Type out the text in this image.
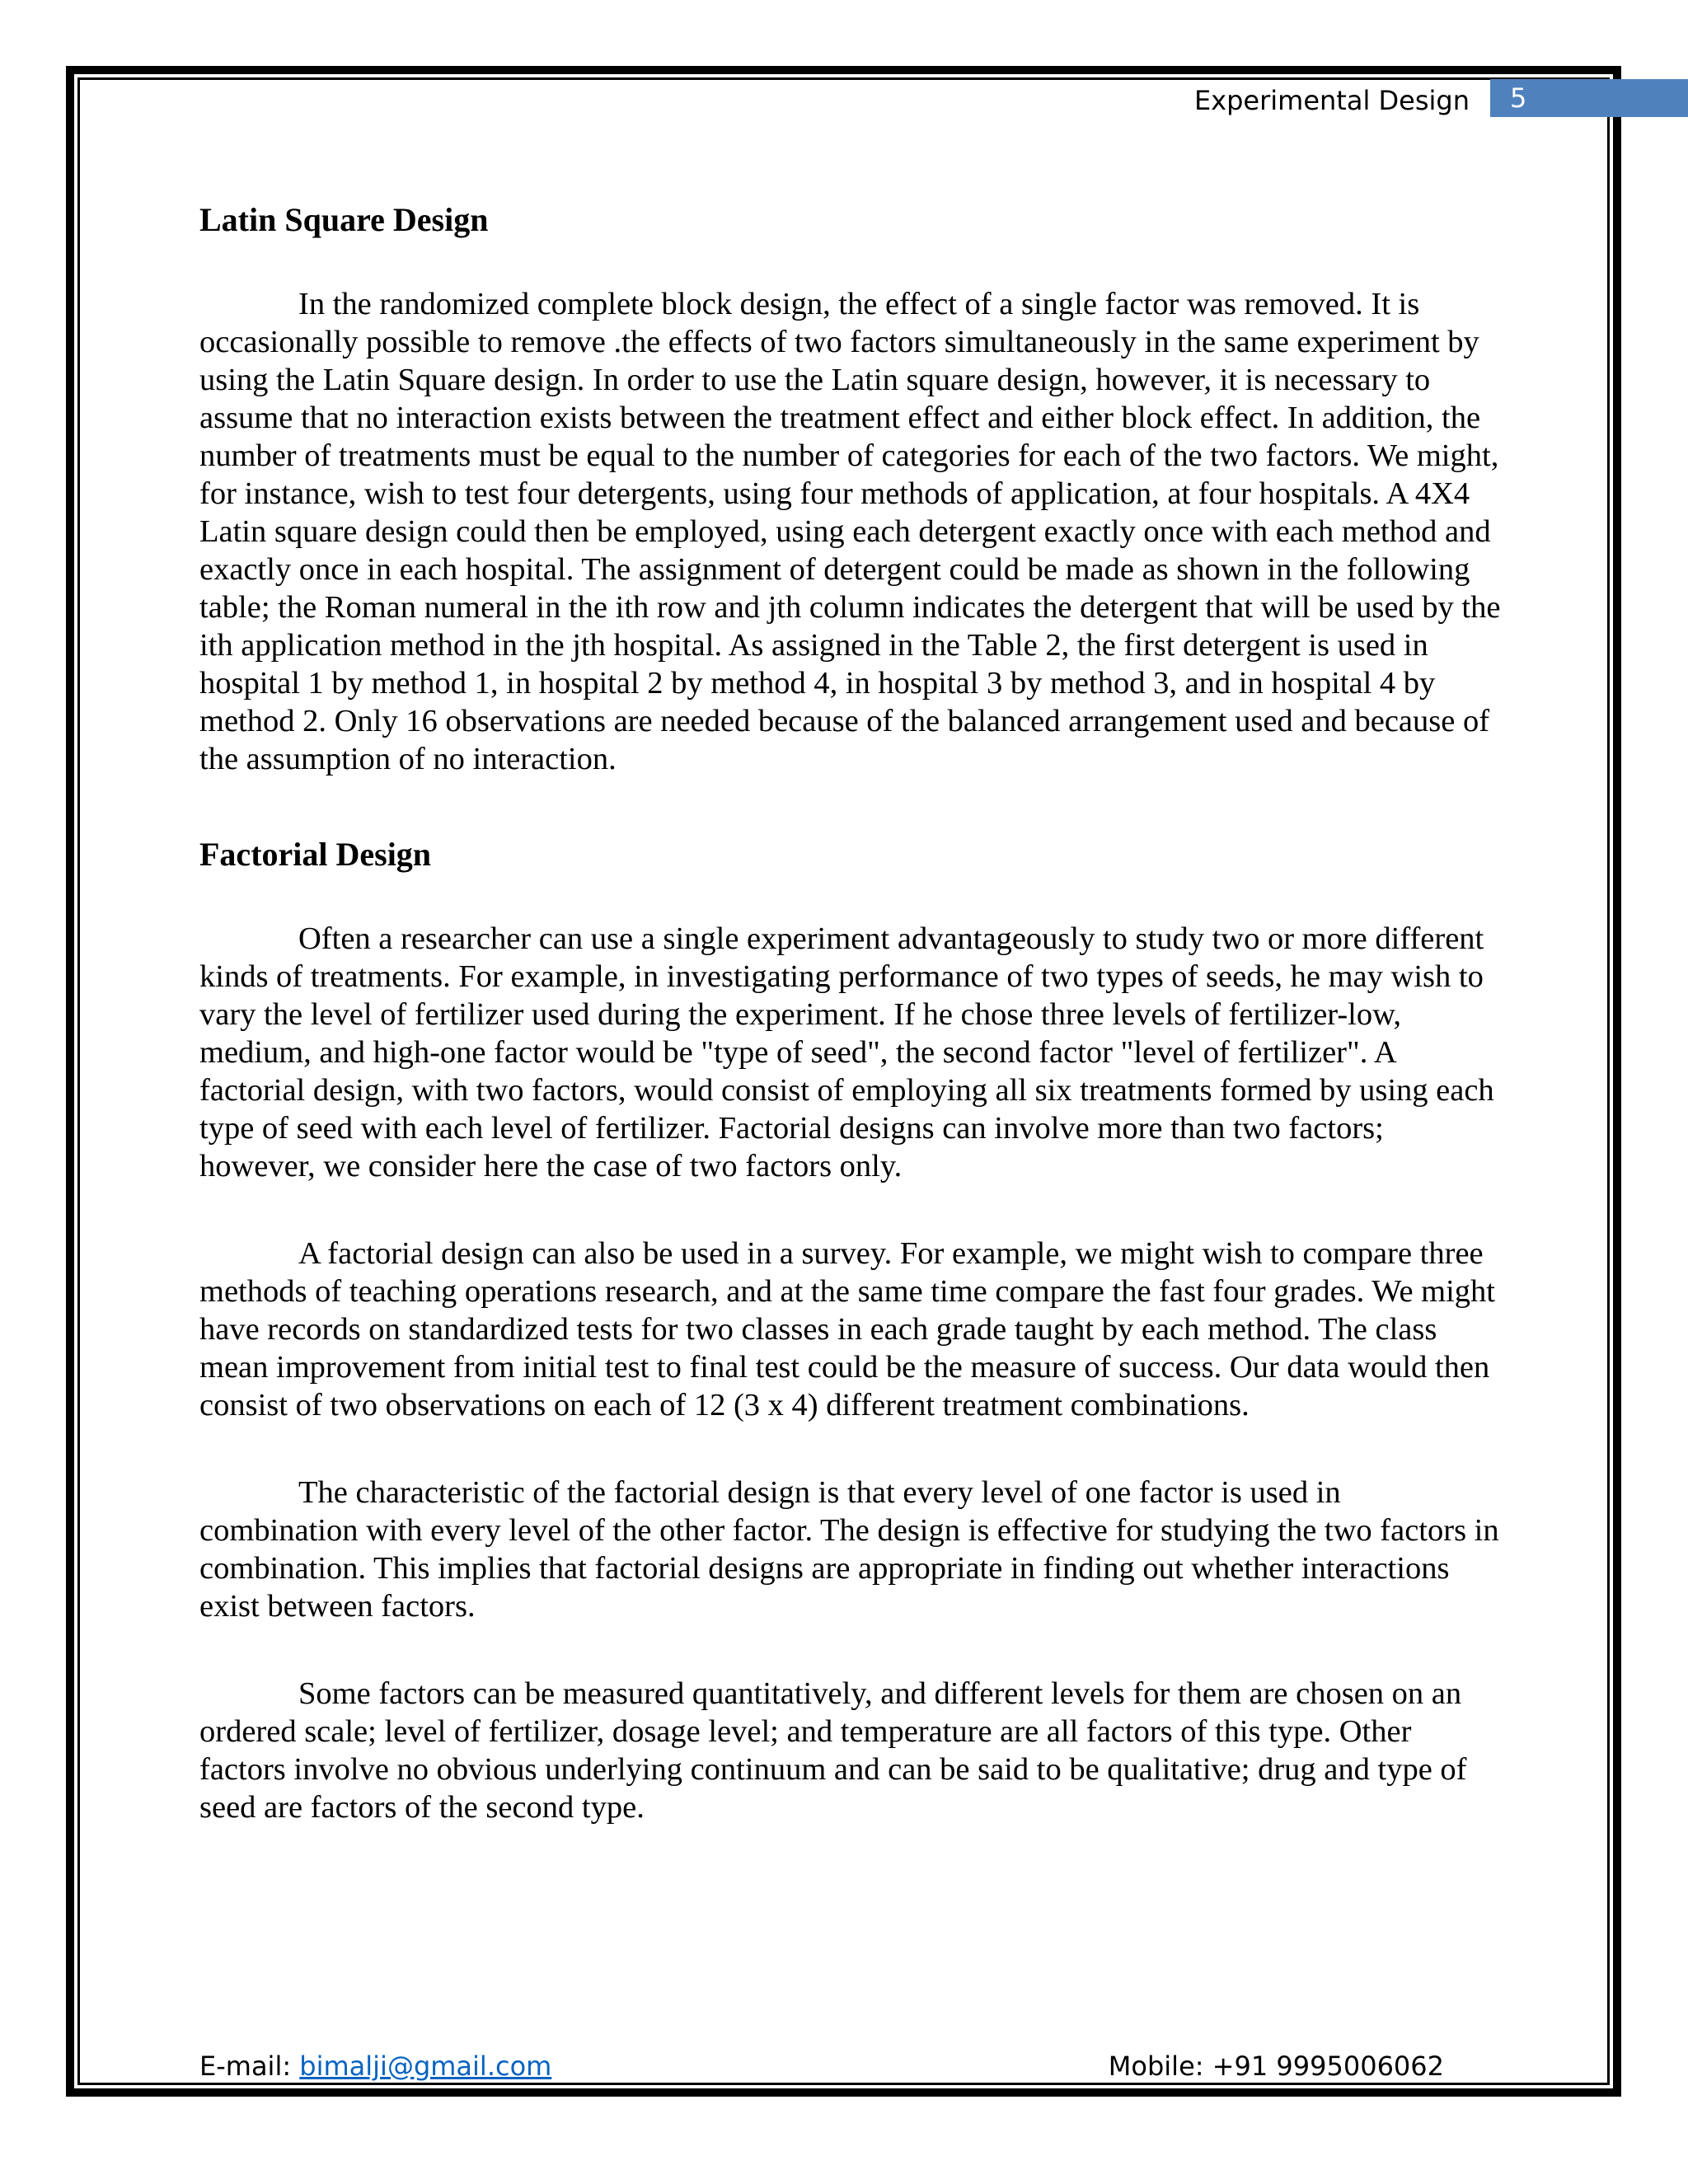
Experimental Design 5
Latin Square Design

In the randomized complete block design, the effect of a single factor was removed. It is occasionally possible to remove .the effects of two factors simultaneously in the same experiment by using the Latin Square design. In order to use the Latin square design, however, it is necessary to assume that no interaction exists between the treatment effect and either block effect. In addition, the number of treatments must be equal to the number of categories for each of the two factors. We might, for instance, wish to test four detergents, using four methods of application, at four hospitals. A 4X4 Latin square design could then be employed, using each detergent exactly once with each method and exactly once in each hospital. The assignment of detergent could be made as shown in the following table; the Roman numeral in the ith row and jth column indicates the detergent that will be used by the ith application method in the jth hospital. As assigned in the Table 2, the first detergent is used in hospital 1 by method 1, in hospital 2 by method 4, in hospital 3 by method 3, and in hospital 4 by method 2. Only 16 observations are needed because of the balanced arrangement used and because of the assumption of no interaction.

Factorial Design

Often a researcher can use a single experiment advantageously to study two or more different kinds of treatments. For example, in investigating performance of two types of seeds, he may wish to vary the level of fertilizer used during the experiment. If he chose three levels of fertilizer-low, medium, and high-one factor would be "type of seed", the second factor "level of fertilizer". A factorial design, with two factors, would consist of employing all six treatments formed by using each type of seed with each level of fertilizer. Factorial designs can involve more than two factors; however, we consider here the case of two factors only.

A factorial design can also be used in a survey. For example, we might wish to compare three methods of teaching operations research, and at the same time compare the fast four grades. We might have records on standardized tests for two classes in each grade taught by each method. The class mean improvement from initial test to final test could be the measure of success. Our data would then consist of two observations on each of 12 (3 x 4) different treatment combinations.

The characteristic of the factorial design is that every level of one factor is used in combination with every level of the other factor. The design is effective for studying the two factors in combination. This implies that factorial designs are appropriate in finding out whether interactions exist between factors.

Some factors can be measured quantitatively, and different levels for them are chosen on an ordered scale; level of fertilizer, dosage level; and temperature are all factors of this type. Other factors involve no obvious underlying continuum and can be said to be qualitative; drug and type of seed are factors of the second type.

E-mail: bimalji@gmail.com	Mobile: +91 9995006062
